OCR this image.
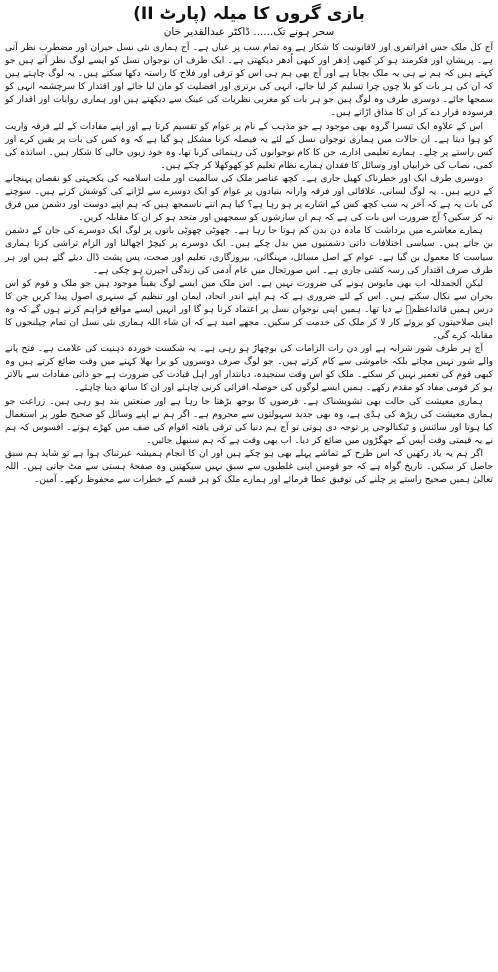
بازی گروں کا میلہ (پارٹ II)
سحر ہونے تک...... ڈاکٹر عبدالقدیر خان

آج کل ملک جس افراتفری اور لاقانونیت کا شکار ہے وہ تمام سب پر عیاں ہے۔ آج ہماری نئی نسل حیران اور مضطرب نظر آتی ہے۔ پریشان اور فکرمند ہو کر کبھی اِدھر اور کبھی اُدھر دیکھتی ہے۔ ایک طرف ان نوجوان نسل کو ایسے لوگ نظر آتے ہیں جو کہتے ہیں کہ ہم نے ہی یہ ملک بچایا ہے اور آج بھی ہم ہی اس کو ترقی اور فلاح کا راستہ دکھا سکتے ہیں۔ یہ لوگ چاہتے ہیں کہ ان کی ہر بات کو بلا چوں چرا تسلیم کر لیا جائے، انہی کی برتری اور افضلیت کو مان لیا جائے اور اقتدار کا سرچشمہ انہی کو سمجھا جائے۔ دوسری طرف وہ لوگ ہیں جو ہر بات کو مغربی نظریات کی عینک سے دیکھتے ہیں اور ہماری روایات اور اقدار کو فرسودہ قرار دے کر ان کا مذاق اڑاتے ہیں۔

اس کے علاوہ ایک تیسرا گروہ بھی موجود ہے جو مذہب کے نام پر عوام کو تقسیم کرتا ہے اور اپنے مفادات کے لئے فرقہ واریت کو ہوا دیتا ہے۔ ان حالات میں ہماری نوجوان نسل کے لئے یہ فیصلہ کرنا مشکل ہو گیا ہے کہ وہ کس کی بات پر یقین کرے اور کس راستے پر چلے۔ ہمارے تعلیمی ادارے، جن کا کام نوجوانوں کی رہنمائی کرنا تھا، وہ خود زبوں حالی کا شکار ہیں۔ اساتذہ کی کمی، نصاب کی خرابیاں اور وسائل کا فقدان ہمارے نظام تعلیم کو کھوکھلا کر چکے ہیں۔

دوسری طرف ایک اور خطرناک کھیل جاری ہے۔ کچھ عناصر ملک کی سالمیت اور ملت اسلامیہ کی یکجہتی کو نقصان پہنچانے کے درپے ہیں۔ یہ لوگ لسانی، علاقائی اور فرقہ وارانہ بنیادوں پر عوام کو ایک دوسرے سے لڑانے کی کوشش کرتے ہیں۔ سوچنے کی بات یہ ہے کہ آخر یہ سب کچھ کس کے اشارے پر ہو رہا ہے؟ کیا ہم اتنے ناسمجھ ہیں کہ ہم اپنے دوست اور دشمن میں فرق نہ کر سکیں؟ آج ضرورت اس بات کی ہے کہ ہم ان سازشوں کو سمجھیں اور متحد ہو کر ان کا مقابلہ کریں۔

ہمارے معاشرے میں برداشت کا مادہ دن بدن کم ہوتا جا رہا ہے۔ چھوٹی چھوٹی باتوں پر لوگ ایک دوسرے کی جان کے دشمن بن جاتے ہیں۔ سیاسی اختلافات ذاتی دشمنیوں میں بدل چکے ہیں۔ ایک دوسرے پر کیچڑ اچھالنا اور الزام تراشی کرنا ہماری سیاست کا معمول بن گیا ہے۔ عوام کے اصل مسائل، مہنگائی، بیروزگاری، تعلیم اور صحت، پس پشت ڈال دیئے گئے ہیں اور ہر طرف صرف اقتدار کی رسہ کشی جاری ہے۔ اس صورتحال میں عام آدمی کی زندگی اجیرن ہو چکی ہے۔

لیکن اَلحمدللہ اب بھی مایوس ہونے کی ضرورت نہیں ہے۔ اس ملک میں ایسے لوگ یقیناً موجود ہیں جو ملک و قوم کو اس بحران سے نکال سکتے ہیں۔ اس کے لئے ضروری ہے کہ ہم اپنے اندر اتحاد، ایمان اور تنظیم کے سنہری اصول پیدا کریں جن کا درس ہمیں قائداعظمؒ نے دیا تھا۔ ہمیں اپنی نوجوان نسل پر اعتماد کرنا ہو گا اور انہیں ایسے مواقع فراہم کرنے ہوں گے کہ وہ اپنی صلاحیتوں کو بروئے کار لا کر ملک کی خدمت کر سکیں۔ مجھے امید ہے کہ ان شاء اللہ ہماری نئی نسل ان تمام چیلنجوں کا مقابلہ کرے گی۔

آج ہر طرف شور شرابہ ہے اور دن رات الزامات کی بوچھاڑ ہو رہی ہے۔ یہ شکست خوردہ ذہنیت کی علامت ہے۔ فتح پانے والے شور نہیں مچاتے بلکہ خاموشی سے کام کرتے ہیں۔ جو لوگ صرف دوسروں کو برا بھلا کہنے میں وقت ضائع کرتے ہیں وہ کبھی قوم کی تعمیر نہیں کر سکتے۔ ملک کو اس وقت سنجیدہ، دیانتدار اور اہل قیادت کی ضرورت ہے جو ذاتی مفادات سے بالاتر ہو کر قومی مفاد کو مقدم رکھے۔ ہمیں ایسے لوگوں کی حوصلہ افزائی کرنی چاہئے اور ان کا ساتھ دینا چاہئے۔

ہماری معیشت کی حالت بھی تشویشناک ہے۔ قرضوں کا بوجھ بڑھتا جا رہا ہے اور صنعتیں بند ہو رہی ہیں۔ زراعت جو ہماری معیشت کی ریڑھ کی ہڈی ہے، وہ بھی جدید سہولتوں سے محروم ہے۔ اگر ہم نے اپنے وسائل کو صحیح طور پر استعمال کیا ہوتا اور سائنس و ٹیکنالوجی پر توجہ دی ہوتی تو آج ہم دنیا کی ترقی یافتہ اقوام کی صف میں کھڑے ہوتے۔ افسوس کہ ہم نے یہ قیمتی وقت آپس کے جھگڑوں میں ضائع کر دیا۔ اب بھی وقت ہے کہ ہم سنبھل جائیں۔

اگر ہم یہ یاد رکھیں کہ اس طرح کے تماشے پہلے بھی ہو چکے ہیں اور ان کا انجام ہمیشہ عبرتناک ہوا ہے تو شاید ہم سبق حاصل کر سکیں۔ تاریخ گواہ ہے کہ جو قومیں اپنی غلطیوں سے سبق نہیں سیکھتیں وہ صفحۂ ہستی سے مٹ جاتی ہیں۔ اللہ تعالیٰ ہمیں صحیح راستے پر چلنے کی توفیق عطا فرمائے اور ہمارے ملک کو ہر قسم کے خطرات سے محفوظ رکھے۔ آمین۔
